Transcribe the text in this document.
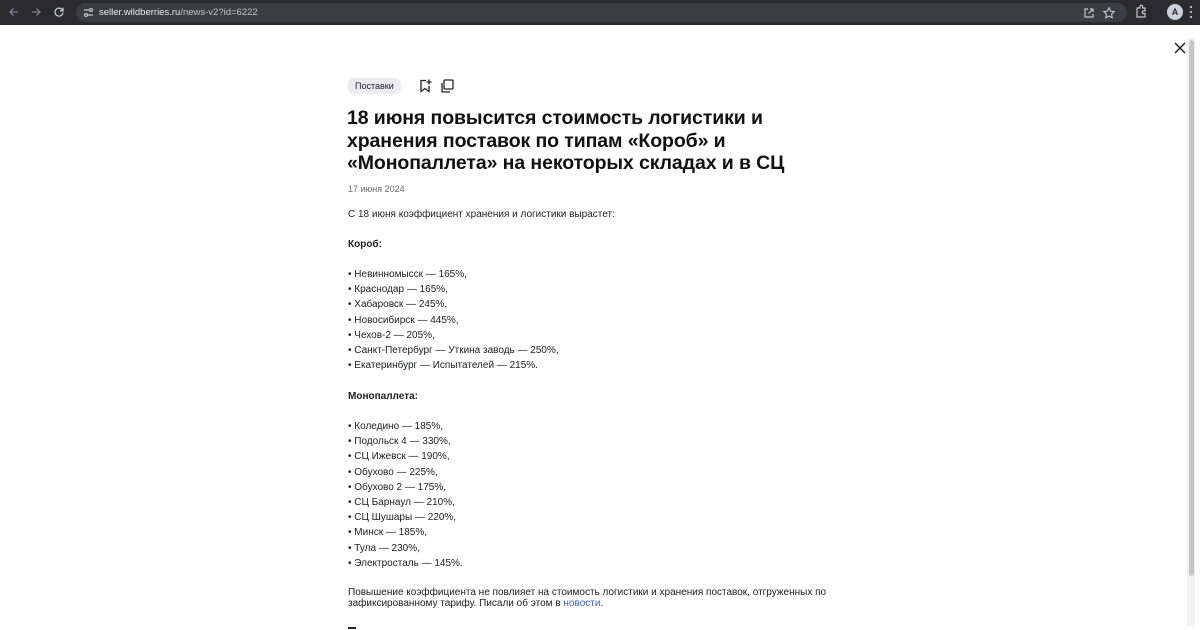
seller.wildberries.ru/news-v2?id=6222	A
Поставки
18 июня повысится стоимость логистики и хранения поставок по типам «Короб» и «Монопаллета» на некоторых складах и в СЦ
17 июня 2024
С 18 июня коэффициент хранения и логистики вырастет:
Короб:
• Невинномысск — 165%,
• Краснодар — 165%,
• Хабаровск — 245%,
• Новосибирск — 445%,
• Чехов-2 — 205%,
• Санкт-Петербург — Уткина заводь — 250%,
• Екатеринбург — Испытателей — 215%.
Монопаллета:
• Коледино — 185%,
• Подольск 4 — 330%,
• СЦ Ижевск — 190%,
• Обухово — 225%,
• Обухово 2 — 175%,
• СЦ Барнаул — 210%,
• СЦ Шушары — 220%,
• Минск — 185%,
• Тула — 230%,
• Электросталь — 145%.

Повышение коэффициента не повлияет на стоимость логистики и хранения поставок, отгруженных по зафиксированному тарифу. Писали об этом в новости.
